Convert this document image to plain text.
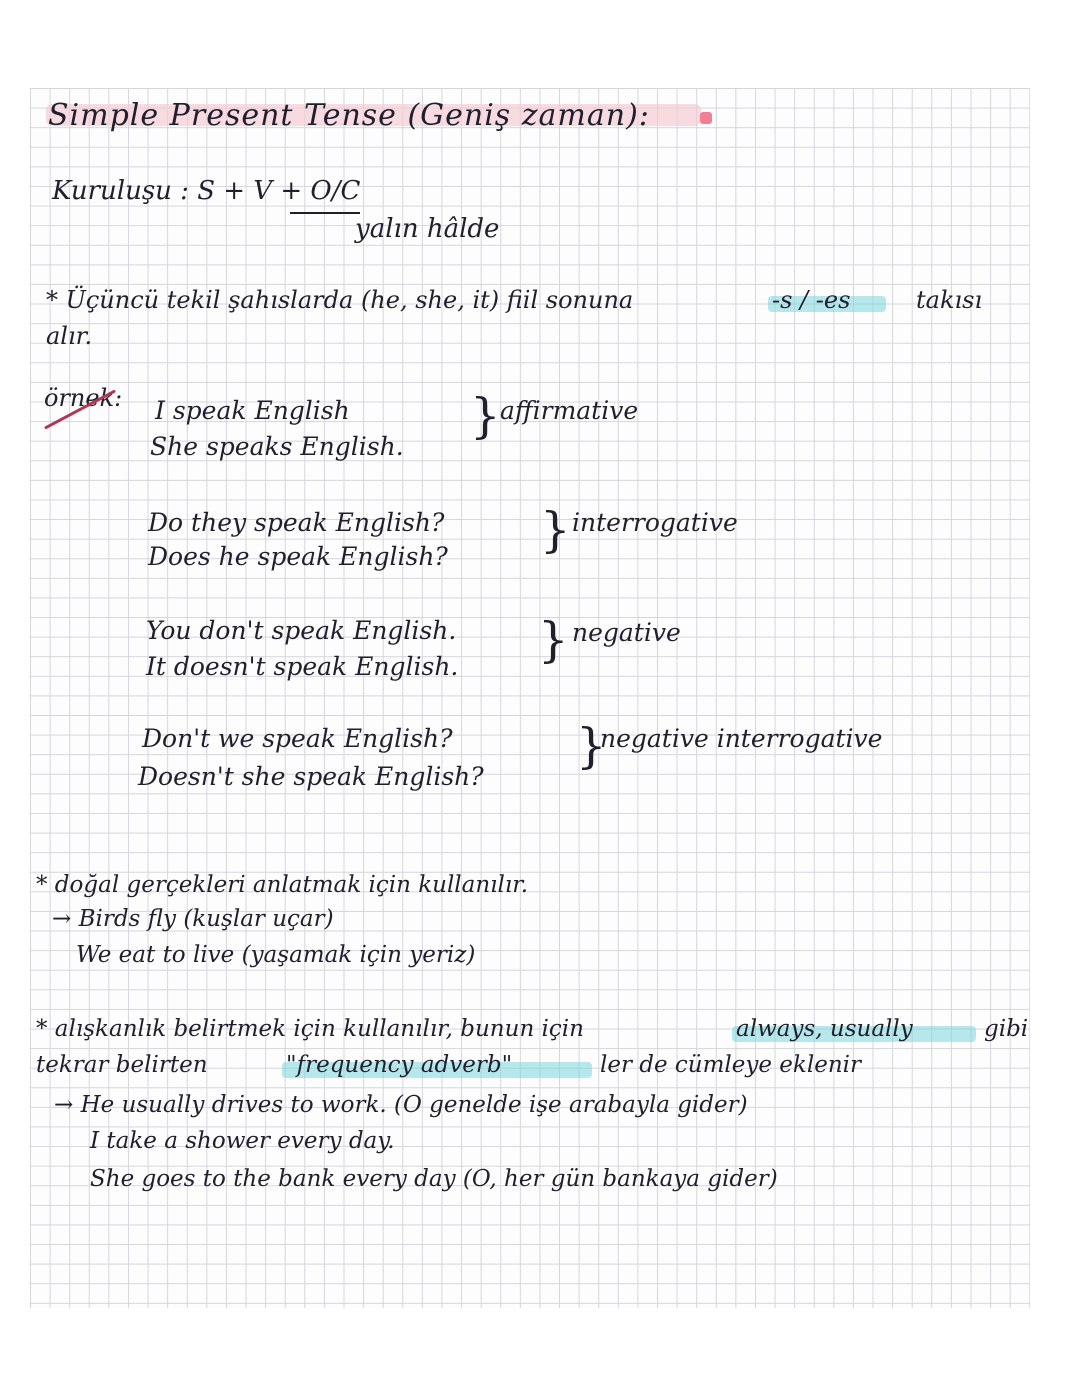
Simple Present Tense (Geniş zaman):
Kuruluşu : S + V + O/C
yalın hâlde
* Üçüncü tekil şahıslarda (he, she, it) fiil sonuna	-s / -es	takısı
alır.
örnek: I speak English
She speaks English.
} affirmative
Do they speak English?
Does he speak English? } interrogative
You don't speak English.
It doesn't speak English. } negative
Don't we speak English?
Doesn't she speak English?
}
negative interrogative
* doğal gerçekleri anlatmak için kullanılır.
→ Birds fly (kuşlar uçar)
We eat to live (yaşamak için yeriz)
* alışkanlık belirtmek için kullanılır, bunun için	always, usually	gibi
tekrar belirten	"frequency adverb"	ler de cümleye eklenir
→ He usually drives to work. (O genelde işe arabayla gider)
I take a shower every day.
She goes to the bank every day (O, her gün bankaya gider)
